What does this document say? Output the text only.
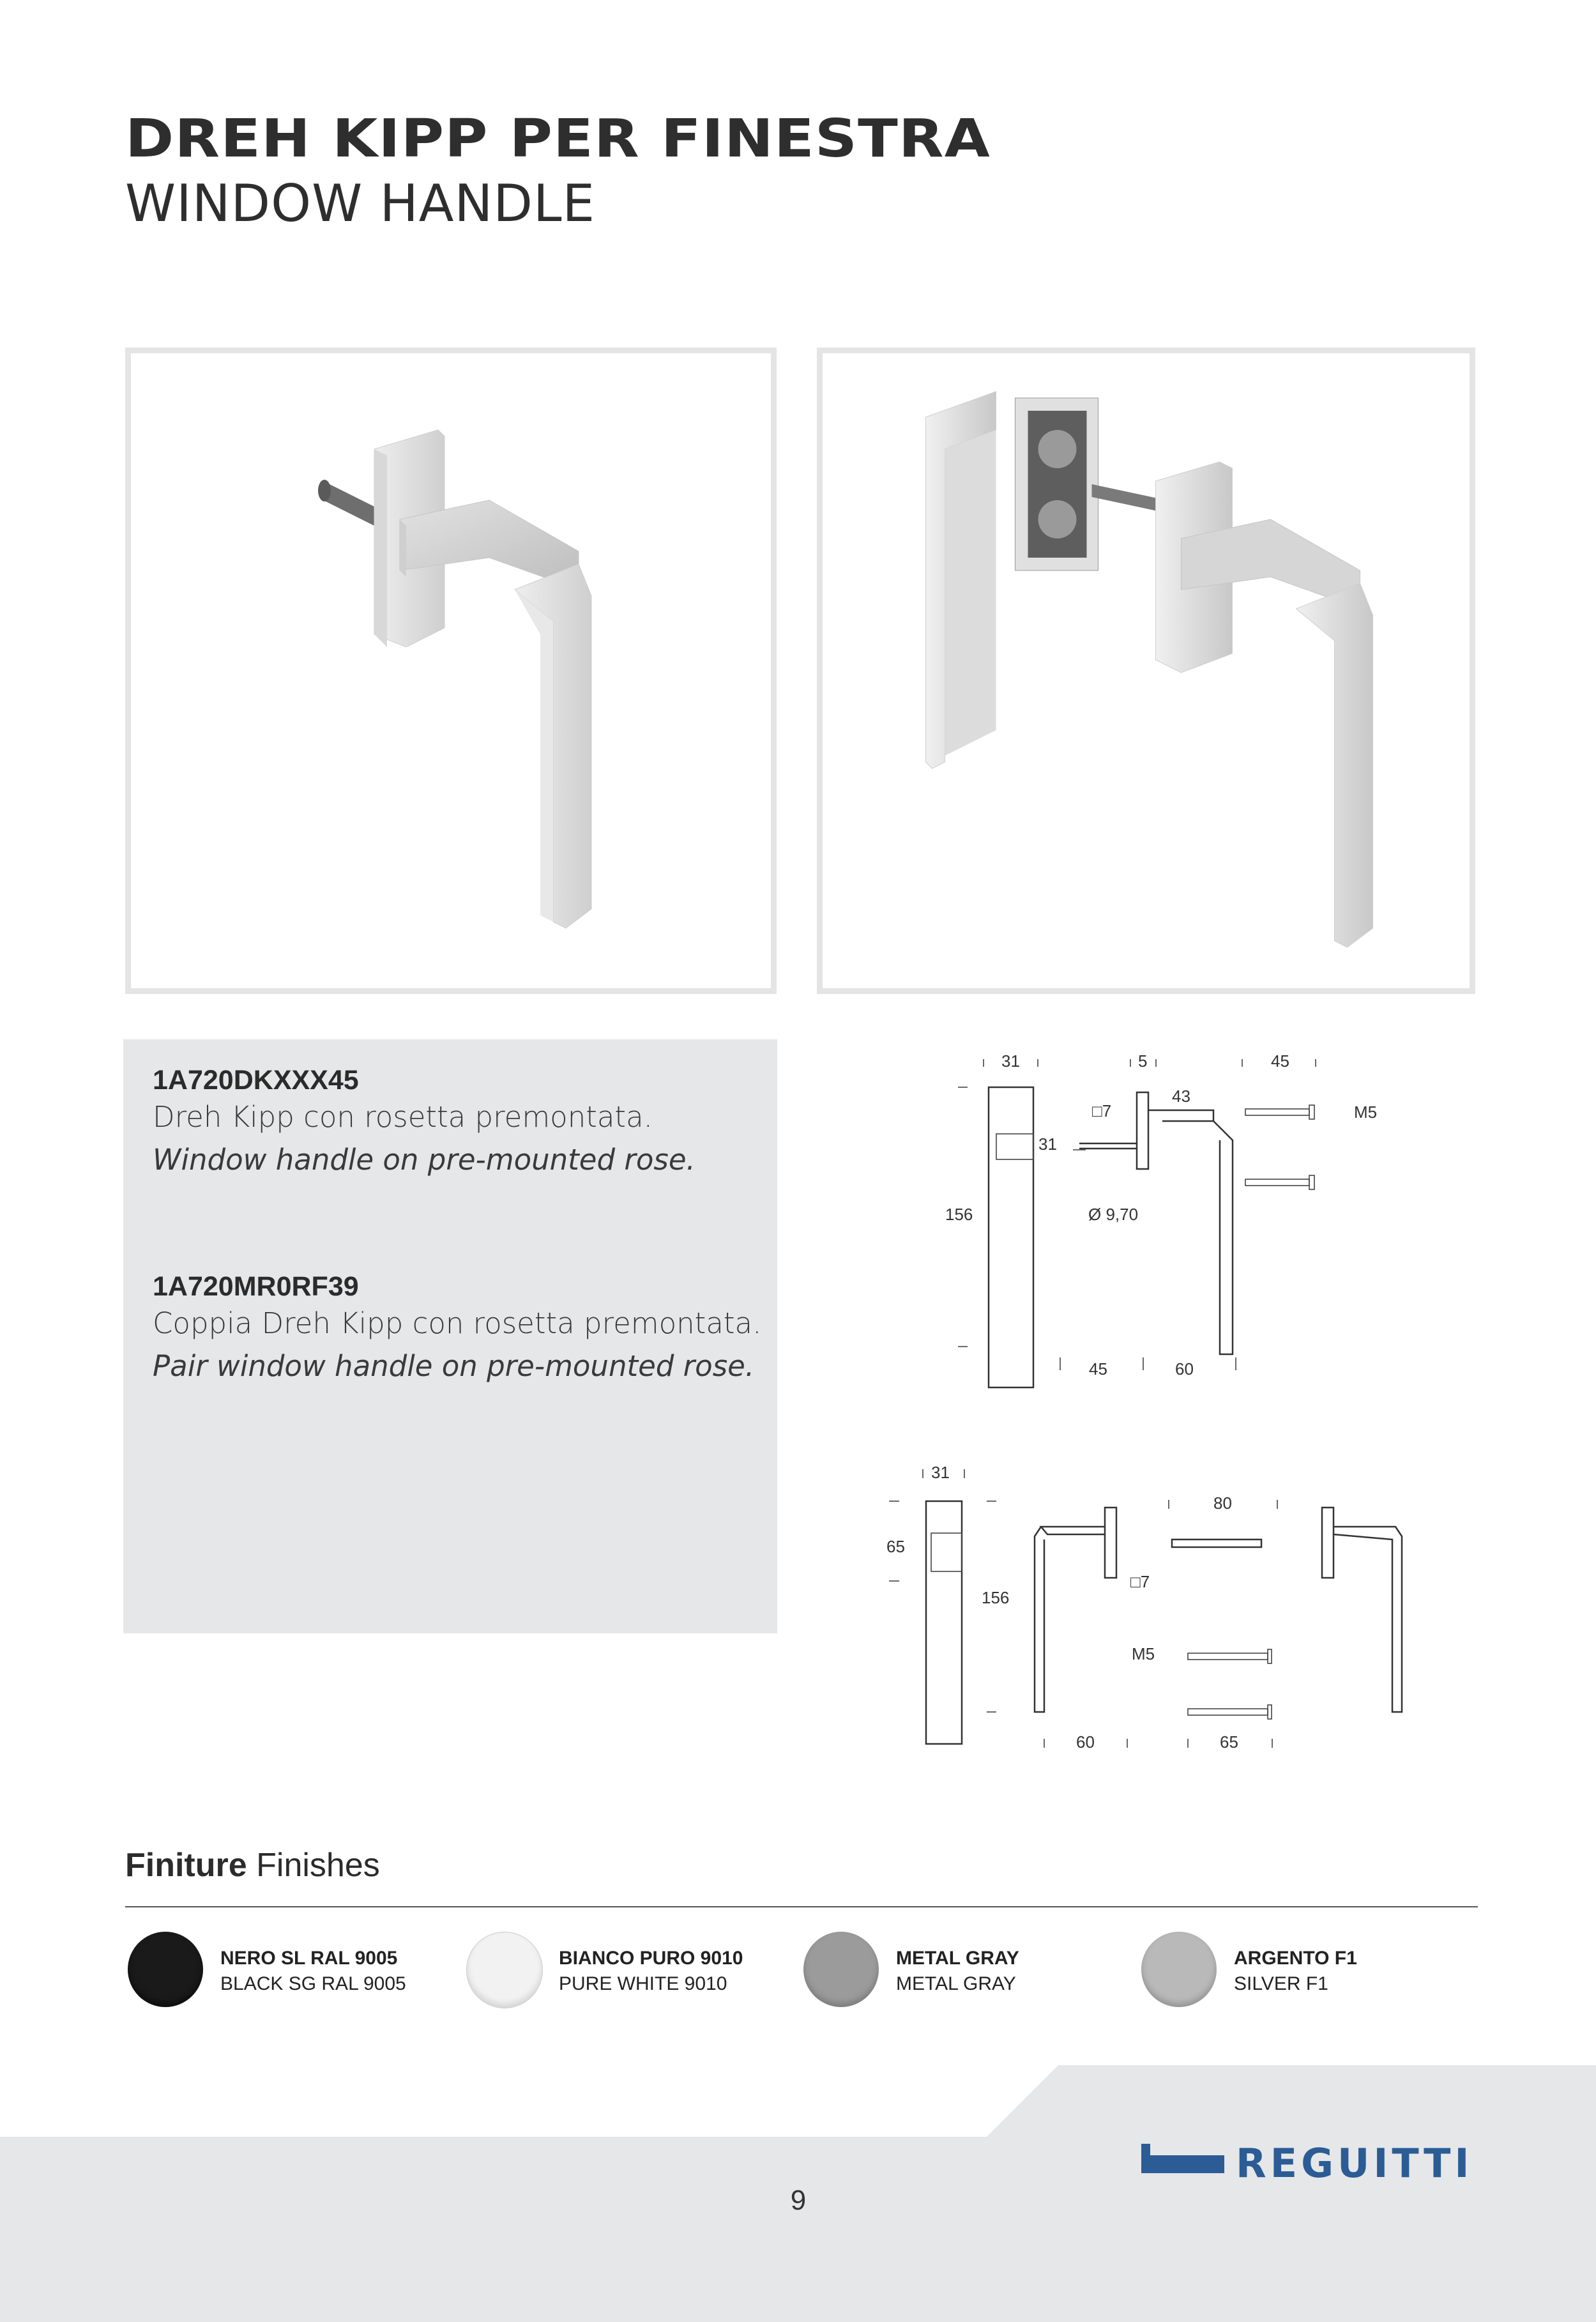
DREH KIPP PER FINESTRA
WINDOW HANDLE

1A720DKXXX45

Dreh Kipp con rosetta premontata.

Window handle on pre-mounted rose.

1A720MR0RF39

Coppia Dreh Kipp con rosetta premontata.

Pair window handle on pre-mounted rose.

31
156
5
□7
43
31
Ø 9,70
45	60
45
M5
31
65
156
□7
80
M5
60	65
Finiture Finishes
NERO SL RAL 9005
BLACK SG RAL 9005
BIANCO PURO 9010
PURE WHITE 9010
METAL GRAY
METAL GRAY
ARGENTO F1
SILVER F1
REGUITTI
9
